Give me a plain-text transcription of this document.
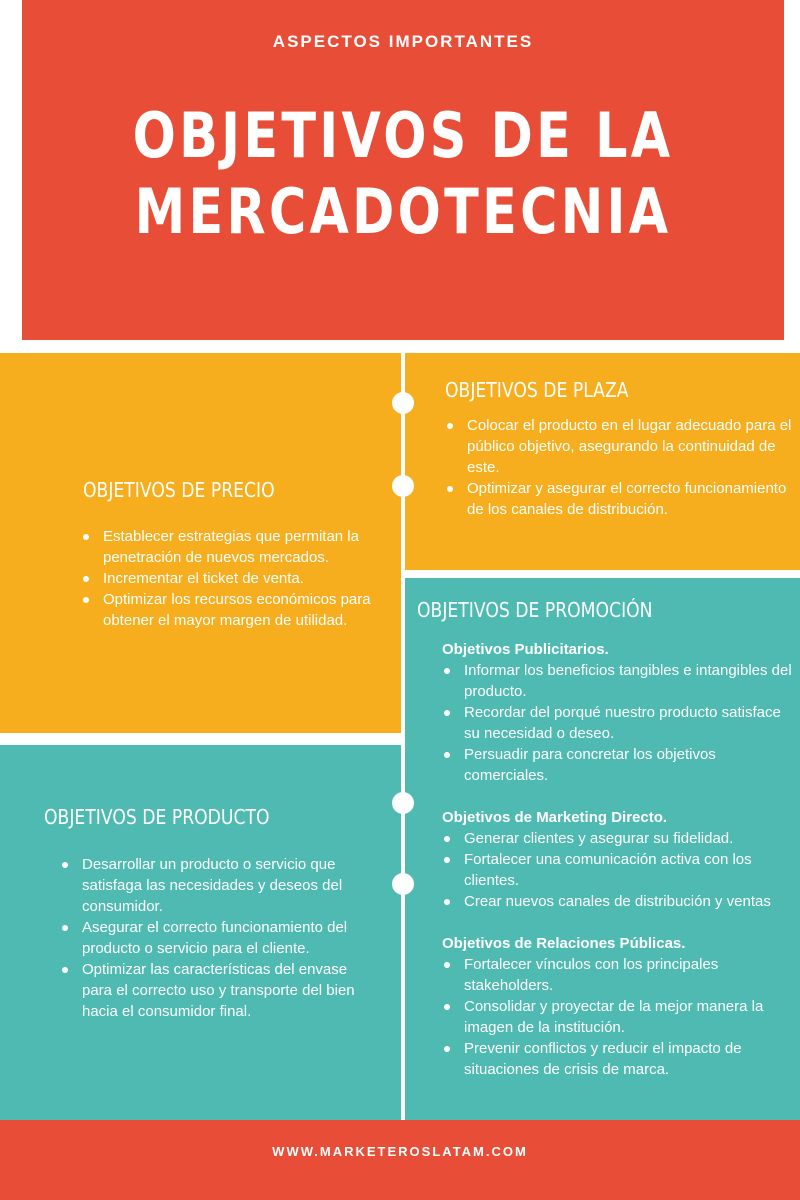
ASPECTOS IMPORTANTES
OBJETIVOS DE LA
MERCADOTECNIA
OBJETIVOS DE PRECIO
Establecer estrategias que permitan la penetración de nuevos mercados.
Incrementar el ticket de venta.
Optimizar los recursos económicos para obtener el mayor margen de utilidad.
OBJETIVOS DE PLAZA
Colocar el producto en el lugar adecuado para el público objetivo, asegurando la continuidad de este.
Optimizar y asegurar el correcto funcionamiento de los canales de distribución.
OBJETIVOS DE PRODUCTO
Desarrollar un producto o servicio que satisfaga las necesidades y deseos del consumidor.
Asegurar el correcto funcionamiento del producto o servicio para el cliente.
Optimizar las características del envase para el correcto uso y transporte del bien hacia el consumidor final.
OBJETIVOS DE PROMOCIÓN
Objetivos Publicitarios.
Informar los beneficios tangibles e intangibles del producto.
Recordar del porqué nuestro producto satisface su necesidad o deseo.
Persuadir para concretar los objetivos comerciales.
Objetivos de Marketing Directo.
Generar clientes y asegurar su fidelidad.
Fortalecer una comunicación activa con los clientes.
Crear nuevos canales de distribución y ventas
Objetivos de Relaciones Públicas.
Fortalecer vínculos con los principales stakeholders.
Consolidar y proyectar de la mejor manera la imagen de la institución.
Prevenir conflictos y reducir el impacto de situaciones de crisis de marca.
WWW.MARKETEROSLATAM.COM
